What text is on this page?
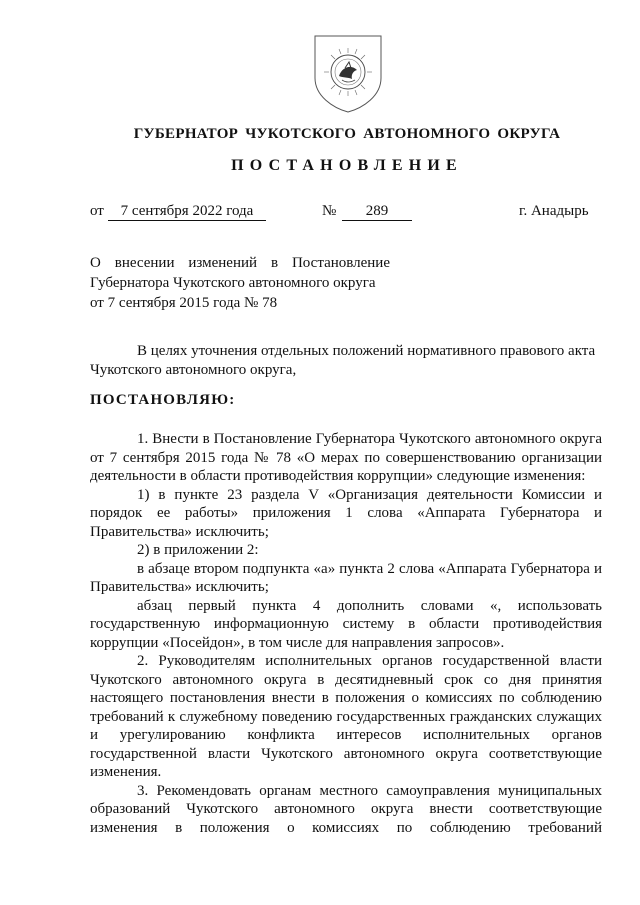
ГУБЕРНАТОР ЧУКОТСКОГО АВТОНОМНОГО ОКРУГА
ПОСТАНОВЛЕНИЕ
от	7 сентября 2022 года	№	289	г. Анадырь
О внесении изменений в Постановление
Губернатора Чукотского автономного округа
от 7 сентября 2015 года № 78
В целях уточнения отдельных положений нормативного правового акта
Чукотского автономного округа,
ПОСТАНОВЛЯЮ:
1. Внести в Постановление Губернатора Чукотского автономного округа от 7 сентября 2015 года № 78 «О мерах по совершенствованию организации деятельности в области противодействия коррупции» следующие изменения:
1) в пункте 23 раздела V «Организация деятельности Комиссии и порядок ее работы» приложения 1 слова «Аппарата Губернатора и Правительства» исключить;
2) в приложении 2:
в абзаце втором подпункта «а» пункта 2 слова «Аппарата Губернатора и Правительства» исключить;
абзац первый пункта 4 дополнить словами «, использовать государственную информационную систему в области противодействия коррупции «Посейдон», в том числе для направления запросов».
2. Руководителям исполнительных органов государственной власти Чукотского автономного округа в десятидневный срок со дня принятия настоящего постановления внести в положения о комиссиях по соблюдению требований к служебному поведению государственных гражданских служащих и урегулированию конфликта интересов исполнительных органов государственной власти Чукотского автономного округа соответствующие изменения.
3. Рекомендовать органам местного самоуправления муниципальных образований Чукотского автономного округа внести соответствующие изменения в положения о комиссиях по соблюдению требований
